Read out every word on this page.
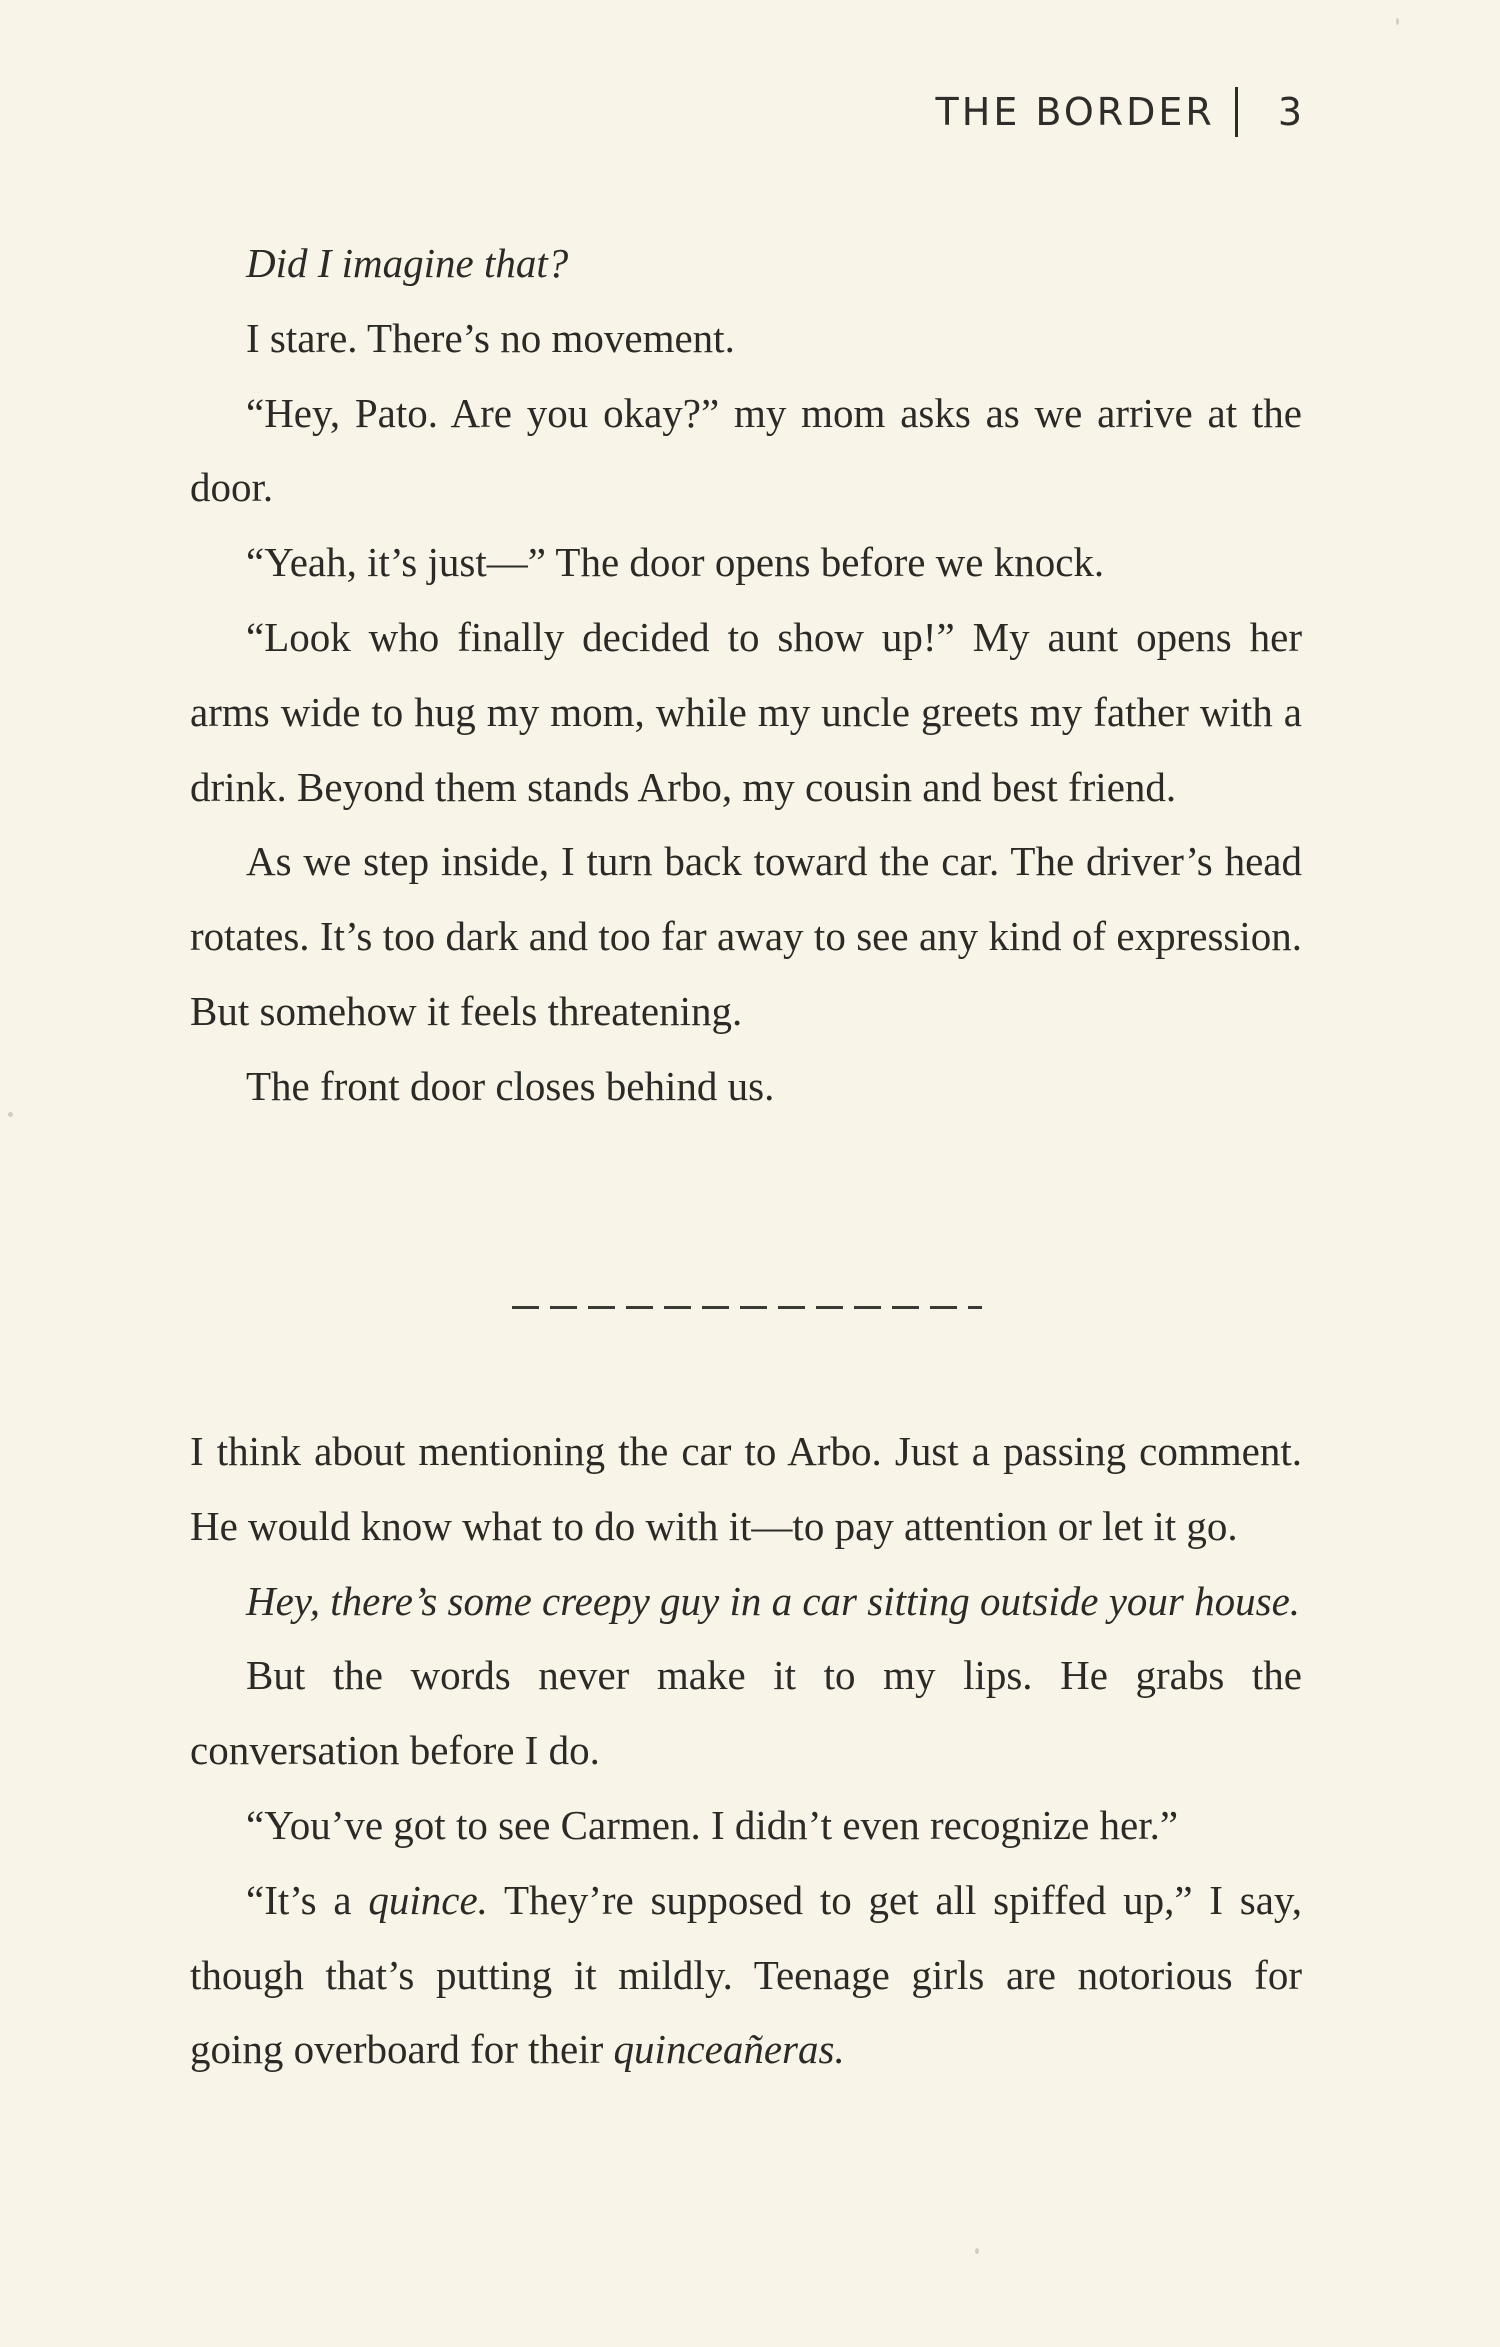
THE BORDER 3

Did I imagine that?

I stare. There’s no movement.

“Hey, Pato. Are you okay?” my mom asks as we arrive at the door.

“Yeah, it’s just—” The door opens before we knock.

“Look who finally decided to show up!” My aunt opens her arms wide to hug my mom, while my uncle greets my father with a drink. Beyond them stands Arbo, my cousin and best friend.

As we step inside, I turn back toward the car. The driver’s head rotates. It’s too dark and too far away to see any kind of expression. But somehow it feels threatening.

The front door closes behind us.

I think about mentioning the car to Arbo. Just a passing comment. He would know what to do with it—to pay attention or let it go.

Hey, there’s some creepy guy in a car sitting outside your house.

But the words never make it to my lips. He grabs the conversation before I do.

“You’ve got to see Carmen. I didn’t even recognize her.”

“It’s a quince. They’re supposed to get all spiffed up,” I say, though that’s putting it mildly. Teenage girls are notorious for going overboard for their quinceañeras.
